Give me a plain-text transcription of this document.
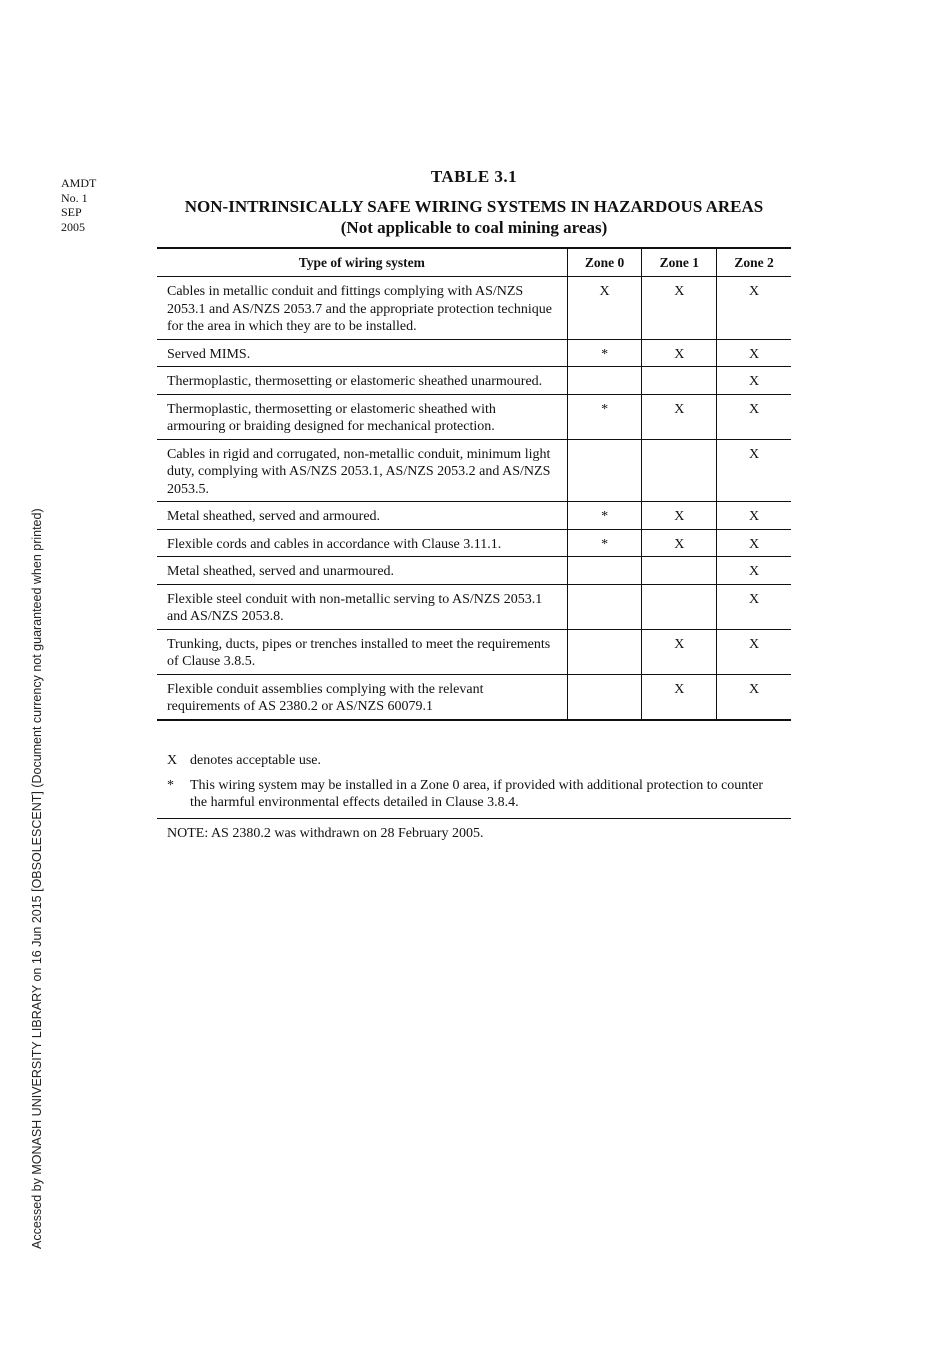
AMDT
No. 1
SEP
2005
TABLE 3.1
NON-INTRINSICALLY SAFE WIRING SYSTEMS IN HAZARDOUS AREAS
(Not applicable to coal mining areas)
Type of wiring system	Zone 0	Zone 1	Zone 2
Cables in metallic conduit and fittings complying with AS/NZS 2053.1 and AS/NZS 2053.7 and the appropriate protection technique for the area in which they are to be installed.	X	X	X
Served MIMS.	*	X	X
Thermoplastic, thermosetting or elastomeric sheathed unarmoured.			X
Thermoplastic, thermosetting or elastomeric sheathed with armouring or braiding designed for mechanical protection.	*	X	X
Cables in rigid and corrugated, non-metallic conduit, minimum light duty, complying with AS/NZS 2053.1, AS/NZS 2053.2 and AS/NZS 2053.5.			X
Metal sheathed, served and armoured.	*	X	X
Flexible cords and cables in accordance with Clause 3.11.1.	*	X	X
Metal sheathed, served and unarmoured.			X
Flexible steel conduit with non-metallic serving to AS/NZS 2053.1 and AS/NZS 2053.8.			X
Trunking, ducts, pipes or trenches installed to meet the requirements of Clause 3.8.5.		X	X
Flexible conduit assemblies complying with the relevant requirements of AS 2380.2 or AS/NZS 60079.1		X	X
X denotes acceptable use.
*	This wiring system may be installed in a Zone 0 area, if provided with additional protection to counter the harmful environmental effects detailed in Clause 3.8.4.
NOTE: AS 2380.2 was withdrawn on 28 February 2005.
Accessed by MONASH UNIVERSITY LIBRARY on 16 Jun 2015 [OBSOLESCENT] (Document currency not guaranteed when printed)
